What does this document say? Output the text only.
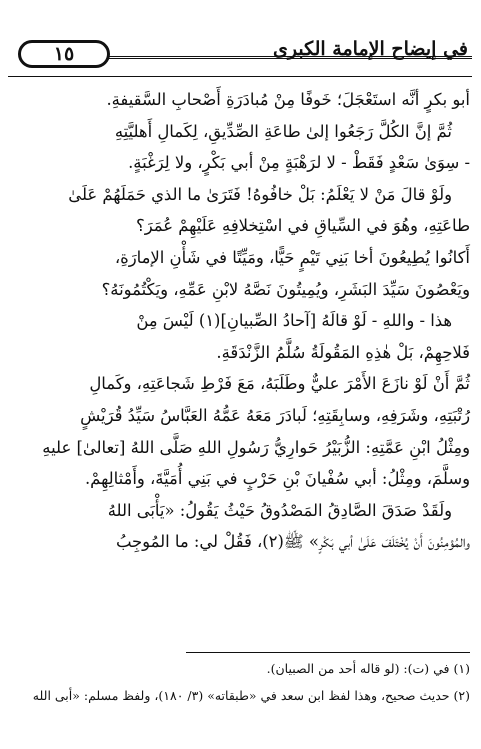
١٥	في إيضاح الإمامة الكبرى

أبو بكرٍ أنَّه استَعْجَلَ؛ خَوفًا مِنْ مُبادَرَةِ أَصْحابِ السَّقيفةِ.

ثُمَّ إنَّ الكُلَّ رَجَعُوا إلىٰ طاعَةِ الصِّدِّيقِ، لِكَمالِ أَهليَّتِهِ

- سِوَىٰ سَعْدٍ فَقَطْ - لا لرَهْبَةٍ مِنْ أبي بَكْرٍ، ولا لِرَغْبَةٍ.

ولَوْ قالَ مَنْ لا يَعْلَمُ: بَلْ خافُوهُ! فَتَرَىٰ ما الذي حَمَلَهُمْ عَلَىٰ

طاعَتِهِ، وهُوَ في السِّياقِ في اسْتِخلافِهِ عَلَيْهِمْ عُمَرَ؟

أَكانُوا يُطِيعُونَ أخا بَنِي تَيْمٍ حَيًّا، ومَيِّتًا في شَأْنِ الإمارَةِ،

ويَعْصُونَ سَيِّدَ البَشَرِ، ويُمِيتُونَ نَصَّهُ لابْنِ عَمِّهِ، ويَكْتُمُونَهُ؟

هذا - واللهِ - لَوْ قالَهُ [آحادُ الصِّبيانِ](١) لَيْسَ مِنْ

فَلاحِهِمْ، بَلْ هٰذِهِ المَقُولَةُ سُلَّمُ الزَّنْدَقَةِ.

ثُمَّ أَنْ لَوْ نازَعَ الأَمْرَ عليٌّ وطَلَبَهُ، مَعَ فَرْطِ شَجاعَتِهِ، وكَمالِ

رُتْبَتِهِ، وشَرَفِهِ، وسابِقَتِهِ؛ لَبادَرَ مَعَهُ عَمُّهُ العَبَّاسُ سَيِّدُ قُرَيْشٍ

ومِثْلُ ابْنِ عَمَّتِهِ: الزُّبَيْرُ حَوارِيُّ رَسُولِ اللهِ صَلَّى اللهُ [تعالىٰ] عليهِ

وسلَّمَ، ومِثْلُ: أبي سُفْيانَ بْنِ حَرْبٍ في بَنِي أُمَيَّةَ، وأَمْثالِهِمْ.

ولَقَدْ صَدَقَ الصَّادِقُ المَصْدُوقُ حَيْثُ يَقُولُ: «يَأْبَى اللهُ

والمُؤمِنُونَ أَنْ يُخْتَلَفَ عَلَىٰ أبي بَكْرٍ» ﷺ(٢)، فَقُلْ لي: ما المُوجِبُ

(١) في (ت): (لو قاله أحد من الصبيان).

(٢) حديث صحيح، وهذا لفظ ابن سعد في «طبقاته» (٣/ ١٨٠)، ولفظ مسلم: «أبى الله
